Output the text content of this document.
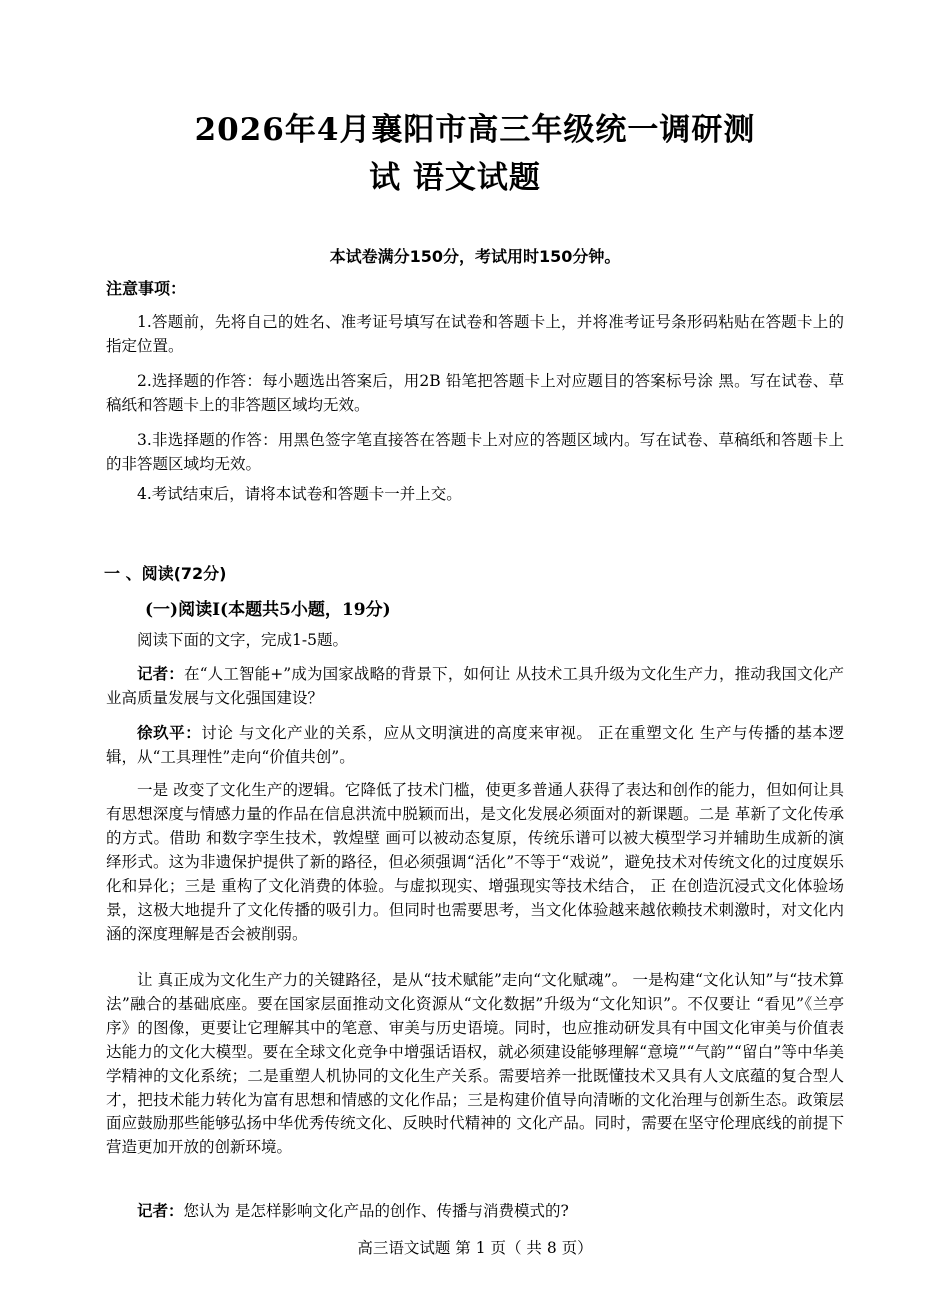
2026年4月襄阳市高三年级统一调研测
试 语文试题
本试卷满分150分，考试用时150分钟。
注意事项：
1.答题前，先将自己的姓名、准考证号填写在试卷和答题卡上，并将准考证号条形码粘贴在答题卡上的指定位置。
2.选择题的作答：每小题选出答案后，用2B 铅笔把答题卡上对应题目的答案标号涂 黑。写在试卷、草稿纸和答题卡上的非答题区域均无效。
3.非选择题的作答：用黑色签字笔直接答在答题卡上对应的答题区域内。写在试卷、草稿纸和答题卡上的非答题区域均无效。
4.考试结束后，请将本试卷和答题卡一并上交。
一 、阅读(72分)
(一)阅读Ⅰ(本题共5小题，19分)
阅读下面的文字，完成1-5题。
记者：在“人工智能+”成为国家战略的背景下，如何让 从技术工具升级为文化生产力，推动我国文化产业高质量发展与文化强国建设？
徐玖平：讨论 与文化产业的关系，应从文明演进的高度来审视。 正在重塑文化 生产与传播的基本逻辑，从“工具理性”走向“价值共创”。
一是 改变了文化生产的逻辑。它降低了技术门槛，使更多普通人获得了表达和创作的能力，但如何让具有思想深度与情感力量的作品在信息洪流中脱颖而出，是文化发展必须面对的新课题。二是 革新了文化传承的方式。借助 和数字孪生技术，敦煌壁 画可以被动态复原，传统乐谱可以被大模型学习并辅助生成新的演绎形式。这为非遗保护提供了新的路径，但必须强调“活化”不等于“戏说”，避免技术对传统文化的过度娱乐化和异化；三是 重构了文化消费的体验。与虚拟现实、增强现实等技术结合， 正 在创造沉浸式文化体验场景，这极大地提升了文化传播的吸引力。但同时也需要思考，当文化体验越来越依赖技术刺激时，对文化内涵的深度理解是否会被削弱。
让 真正成为文化生产力的关键路径，是从“技术赋能”走向“文化赋魂”。 一是构建“文化认知”与“技术算法”融合的基础底座。要在国家层面推动文化资源从“文化数据”升级为“文化知识”。不仅要让 “看见”《兰亭序》的图像，更要让它理解其中的笔意、审美与历史语境。同时，也应推动研发具有中国文化审美与价值表达能力的文化大模型。要在全球文化竞争中增强话语权，就必须建设能够理解“意境”“气韵”“留白”等中华美学精神的文化系统；二是重塑人机协同的文化生产关系。需要培养一批既懂技术又具有人文底蕴的复合型人才，把技术能力转化为富有思想和情感的文化作品；三是构建价值导向清晰的文化治理与创新生态。政策层面应鼓励那些能够弘扬中华优秀传统文化、反映时代精神的 文化产品。同时，需要在坚守伦理底线的前提下营造更加开放的创新环境。
记者：您认为 是怎样影响文化产品的创作、传播与消费模式的?
高三语文试题 第 1 页（ 共 8 页）
